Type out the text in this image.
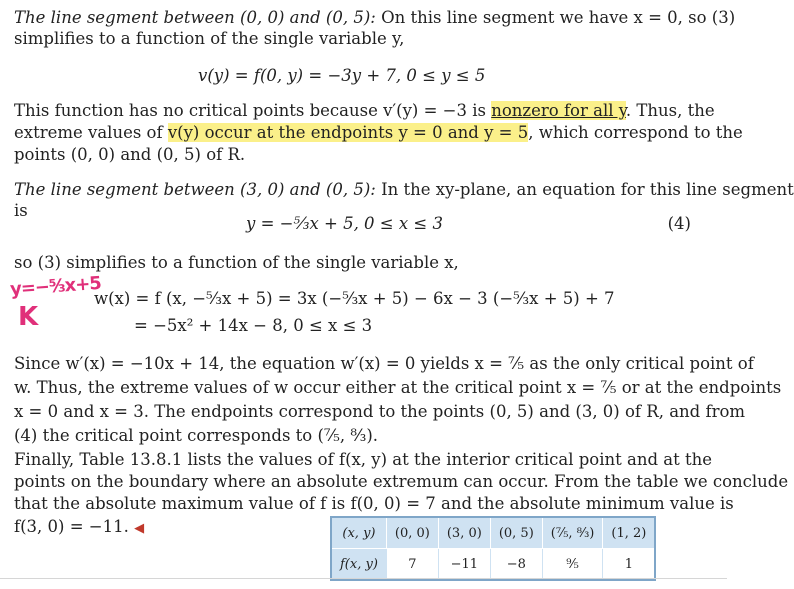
The line segment between (0, 0) and (0, 5): On this line segment we have x = 0, so (3)
simplifies to a function of the single variable y,
v(y) = f(0, y) = −3y + 7, 0 ≤ y ≤ 5
This function has no critical points because v′(y) = −3 is nonzero for all y. Thus, the
extreme values of v(y) occur at the endpoints y = 0 and y = 5, which correspond to the
points (0, 0) and (0, 5) of R.
The line segment between (3, 0) and (0, 5): In the xy-plane, an equation for this line segment
is
y = −⁵⁄₃x + 5, 0 ≤ x ≤ 3	(4)
so (3) simplifies to a function of the single variable x,
y=−⁵⁄₃x+5
K
w(x) = f (x, −⁵⁄₃x + 5) = 3x (−⁵⁄₃x + 5) − 6x − 3 (−⁵⁄₃x + 5) + 7
= −5x² + 14x − 8, 0 ≤ x ≤ 3
Since w′(x) = −10x + 14, the equation w′(x) = 0 yields x = ⁷⁄₅ as the only critical point of
w. Thus, the extreme values of w occur either at the critical point x = ⁷⁄₅ or at the endpoints
x = 0 and x = 3. The endpoints correspond to the points (0, 5) and (3, 0) of R, and from
(4) the critical point corresponds to (⁷⁄₅, ⁸⁄₃).
Finally, Table 13.8.1 lists the values of f(x, y) at the interior critical point and at the
points on the boundary where an absolute extremum can occur. From the table we conclude
that the absolute maximum value of f is f(0, 0) = 7 and the absolute minimum value is
f(3, 0) = −11. ◀	(x, y)	(0, 0)	(3, 0)	(0, 5)	(⁷⁄₅, ⁸⁄₃)	(1, 2)
f(x, y)	7	−11	−8	⁹⁄₅	1
